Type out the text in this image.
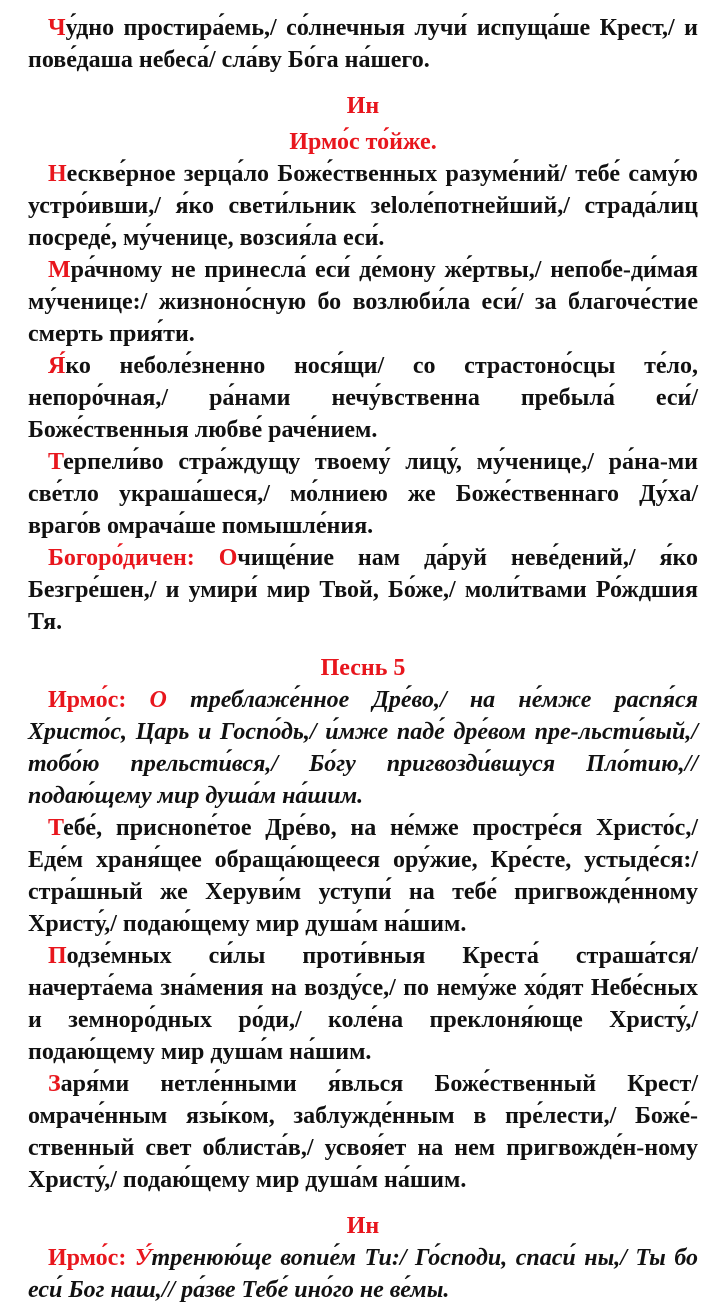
Чу́дно простира́емь,/ со́лнечныя лучи́ испуща́ше Крест,/ и пове́даша небеса́/ сла́ву Бо́га на́шего.

Ин

Ирмо́с то́йже.

Нескве́рное зерца́ло Боже́ственных разуме́ний/ тебе́ саму́ю устро́ивши,/ я́ко свети́льник зеloле́потнейший,/ страда́лиц посреде́, му́ченице, возсия́ла еси́.

Мра́чному не принесла́ еси́ де́мону же́ртвы,/ непобе-ди́мая му́ченице:/ жизноно́сную бо возлюби́ла еси́/ за благоче́стие смерть прия́ти.

Я́ко неболе́зненно нося́щи/ со страстоно́сцы те́ло, непоро́чная,/ ра́нами нечу́вственна пребыла́ еси́/ Боже́ственныя любве́ раче́нием.

Терпели́во стра́ждущу твоему́ лицу́, му́ченице,/ ра́на-ми све́тло украша́шеся,/ мо́лниею же Боже́ственнаго Ду́ха/ враго́в омрача́ше помышле́ния.

Богоро́дичен: Очище́ние нам да́руй неве́дений,/ я́ко Безгре́шен,/ и умири́ мир Твой, Бо́же,/ моли́твами Ро́ждшия Тя.

Песнь 5

Ирмо́с: О треблаже́нное Дре́во,/ на не́мже распя́ся Христо́с, Царь и Госпо́дь,/ и́мже паде́ дре́вом пре-льсти́вый,/ тобо́ю прельсти́вся,/ Бо́гу пригвозди́вшуся Пло́тию,// подаю́щему мир душа́м на́шим.

Тебе́, присноnе́тое Дре́во, на не́мже простре́ся Христо́с,/ Еде́м храня́щее обраща́ющееся ору́жие, Кре́сте, устыде́ся:/ стра́шный же Херуви́м уступи́ на тебе́ пригвожде́нному Христу́,/ подаю́щему мир душа́м на́шим.

Подзе́мных си́лы проти́вныя Креста́ страша́тся/ начерта́ема зна́мения на возду́се,/ по нему́же хо́дят Небе́сных и земноро́дных ро́ди,/ коле́на преклоня́юще Христу́,/ подаю́щему мир душа́м на́шим.

Заря́ми нетле́нными я́влься Боже́ственный Крест/ омраче́нным язы́ком, заблужде́нным в пре́лести,/ Боже́-ственный свет облиста́в,/ усвоя́ет на нем пригвожде́н-ному Христу́,/ подаю́щему мир душа́м на́шим.

Ин

Ирмо́с: У́тренюю́ще вопие́м Ти:/ Го́споди, спаси́ ны,/ Ты бо еси́ Бог наш,// ра́зве Тебе́ ино́го не ве́мы.
